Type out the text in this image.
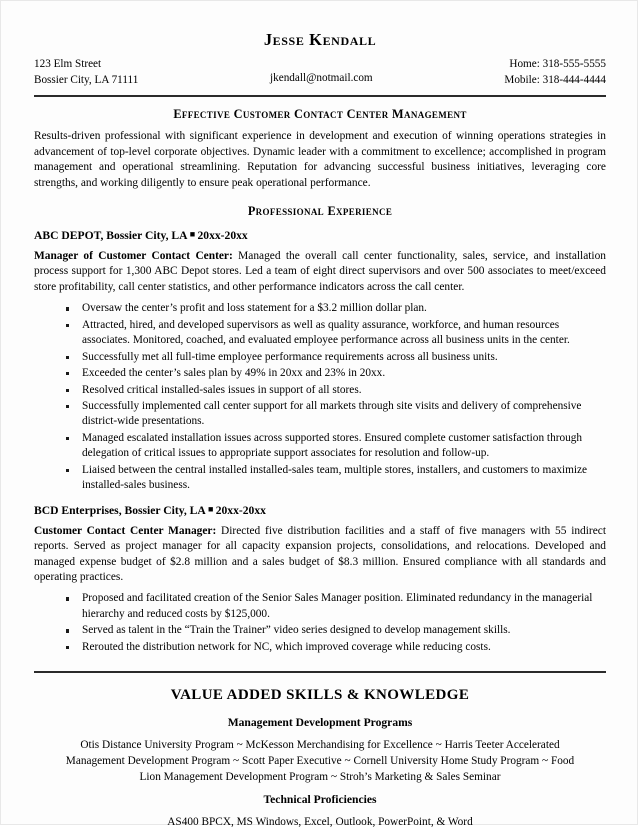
Jesse Kendall
123 Elm Street
Bossier City, LA 71111	jkendall@notmail.com
Home: 318-555-5555
Mobile: 318-444-4444
Effective Customer Contact Center Management

Results-driven professional with significant experience in development and execution of winning operations strategies in advancement of top-level corporate objectives. Dynamic leader with a commitment to excellence; accomplished in program management and operational streamlining. Reputation for advancing successful business initiatives, leveraging core strengths, and working diligently to ensure peak operational performance.

Professional Experience
ABC DEPOT, Bossier City, LA ■ 20xx-20xx

Manager of Customer Contact Center: Managed the overall call center functionality, sales, service, and installation process support for 1,300 ABC Depot stores. Led a team of eight direct supervisors and over 500 associates to meet/exceed store profitability, call center statistics, and other performance indicators across the call center.

Oversaw the center’s profit and loss statement for a $3.2 million dollar plan.
Attracted, hired, and developed supervisors as well as quality assurance, workforce, and human resources associates. Monitored, coached, and evaluated employee performance across all business units in the center.
Successfully met all full-time employee performance requirements across all business units.
Exceeded the center’s sales plan by 49% in 20xx and 23% in 20xx.
Resolved critical installed-sales issues in support of all stores.
Successfully implemented call center support for all markets through site visits and delivery of comprehensive district-wide presentations.
Managed escalated installation issues across supported stores. Ensured complete customer satisfaction through delegation of critical issues to appropriate support associates for resolution and follow-up.
Liaised between the central installed installed-sales team, multiple stores, installers, and customers to maximize installed-sales business.
BCD Enterprises, Bossier City, LA ■ 20xx-20xx

Customer Contact Center Manager: Directed five distribution facilities and a staff of five managers with 55 indirect reports. Served as project manager for all capacity expansion projects, consolidations, and relocations. Developed and managed expense budget of $2.8 million and a sales budget of $8.3 million. Ensured compliance with all standards and operating practices.

Proposed and facilitated creation of the Senior Sales Manager position. Eliminated redundancy in the managerial hierarchy and reduced costs by $125,000.
Served as talent in the “Train the Trainer” video series designed to develop management skills.
Rerouted the distribution network for NC, which improved coverage while reducing costs.
VALUE ADDED SKILLS & KNOWLEDGE
Management Development Programs
Otis Distance University Program ~ McKesson Merchandising for Excellence ~ Harris Teeter Accelerated Management Development Program ~ Scott Paper Executive ~ Cornell University Home Study Program ~ Food Lion Management Development Program ~ Stroh’s Marketing & Sales Seminar
Technical Proficiencies
AS400 BPCX, MS Windows, Excel, Outlook, PowerPoint, & Word
